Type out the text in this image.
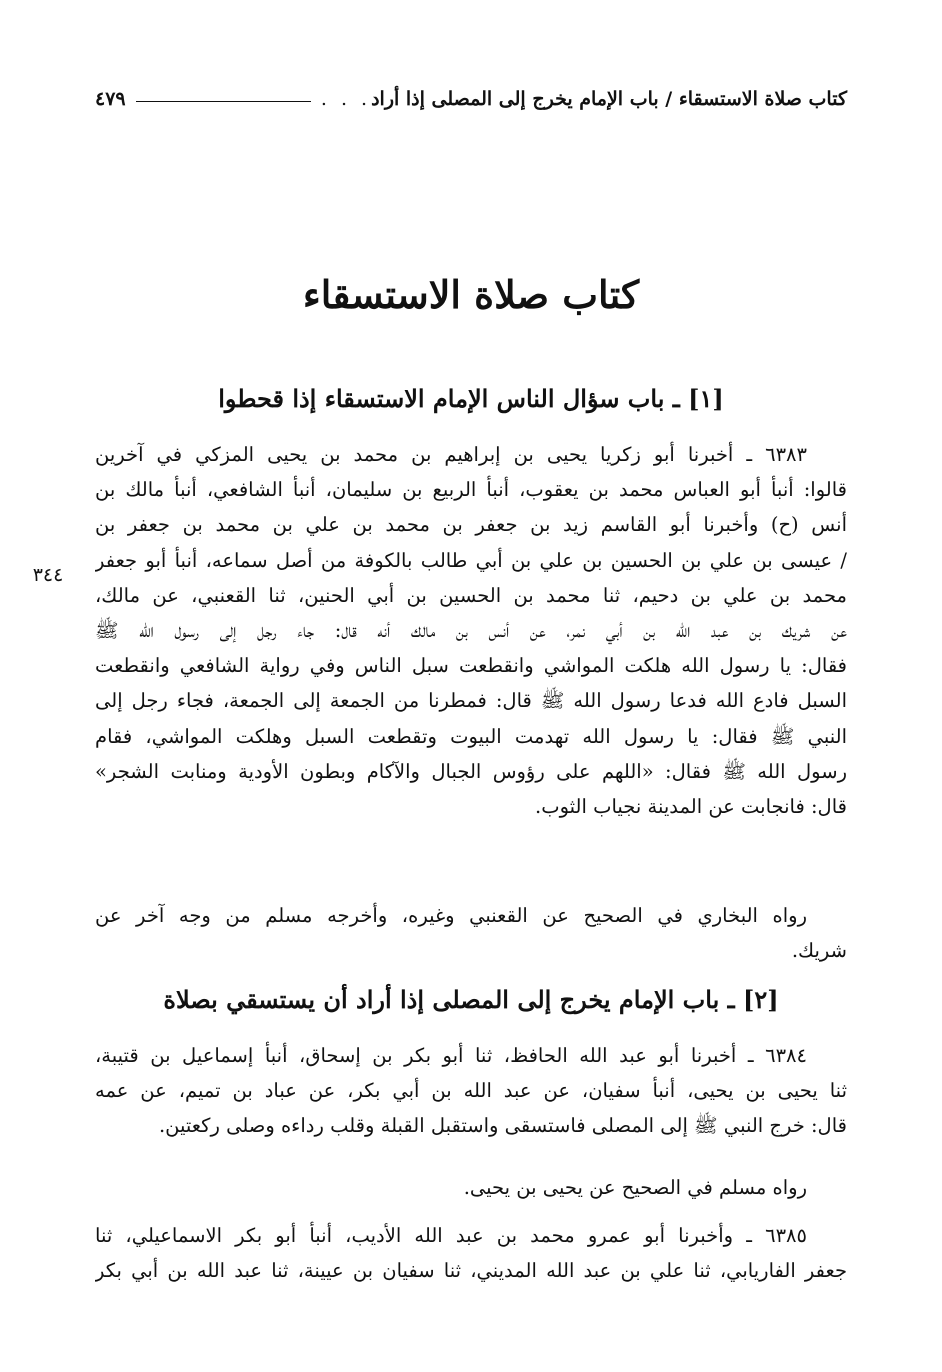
كتاب صلاة الاستسقاء / باب الإمام يخرج إلى المصلى إذا أراد
. . .
٤٧٩
كتاب صلاة الاستسقاء
[١] ـ باب سؤال الناس الإمام الاستسقاء إذا قحطوا
٦٣٨٣ ـ أخبرنا أبو زكريا يحيى بن إبراهيم بن محمد بن يحيى المزكي في آخرين
قالوا: أنبأ أبو العباس محمد بن يعقوب، أنبأ الربيع بن سليمان، أنبأ الشافعي، أنبأ مالك بن
أنس (ح) وأخبرنا أبو القاسم زيد بن جعفر بن محمد بن علي بن محمد بن جعفر بن
/ عيسى بن علي بن الحسين بن علي بن أبي طالب بالكوفة من أصل سماعه، أنبأ أبو جعفر
محمد بن علي بن دحيم، ثنا محمد بن الحسين بن أبي الحنين، ثنا القعنبي، عن مالك،
عن شريك بن عبد الله بن أبي نمر، عن أنس بن مالك أنه قال: جاء رجل إلى رسول الله ﷺ
فقال: يا رسول الله هلكت المواشي وانقطعت سبل الناس وفي رواية الشافعي وانقطعت
السبل فادع الله فدعا رسول الله ﷺ قال: فمطرنا من الجمعة إلى الجمعة، فجاء رجل إلى
النبي ﷺ فقال: يا رسول الله تهدمت البيوت وتقطعت السبل وهلكت المواشي، فقام
رسول الله ﷺ فقال: «اللهم على رؤوس الجبال والآكام وبطون الأودية ومنابت الشجر»
قال: فانجابت عن المدينة نجياب الثوب.
رواه البخاري في الصحيح عن القعنبي وغيره، وأخرجه مسلم من وجه آخر عن
شريك.
٣٤٤
[٢] ـ باب الإمام يخرج إلى المصلى إذا أراد أن يستسقي بصلاة
٦٣٨٤ ـ أخبرنا أبو عبد الله الحافظ، ثنا أبو بكر بن إسحاق، أنبأ إسماعيل بن قتيبة،
ثنا يحيى بن يحيى، أنبأ سفيان، عن عبد الله بن أبي بكر، عن عباد بن تميم، عن عمه
قال: خرج النبي ﷺ إلى المصلى فاستسقى واستقبل القبلة وقلب رداءه وصلى ركعتين.
رواه مسلم في الصحيح عن يحيى بن يحيى.
٦٣٨٥ ـ وأخبرنا أبو عمرو محمد بن عبد الله الأديب، أنبأ أبو بكر الاسماعيلي، ثنا
جعفر الفاريابي، ثنا علي بن عبد الله المديني، ثنا سفيان بن عيينة، ثنا عبد الله بن أبي بكر
